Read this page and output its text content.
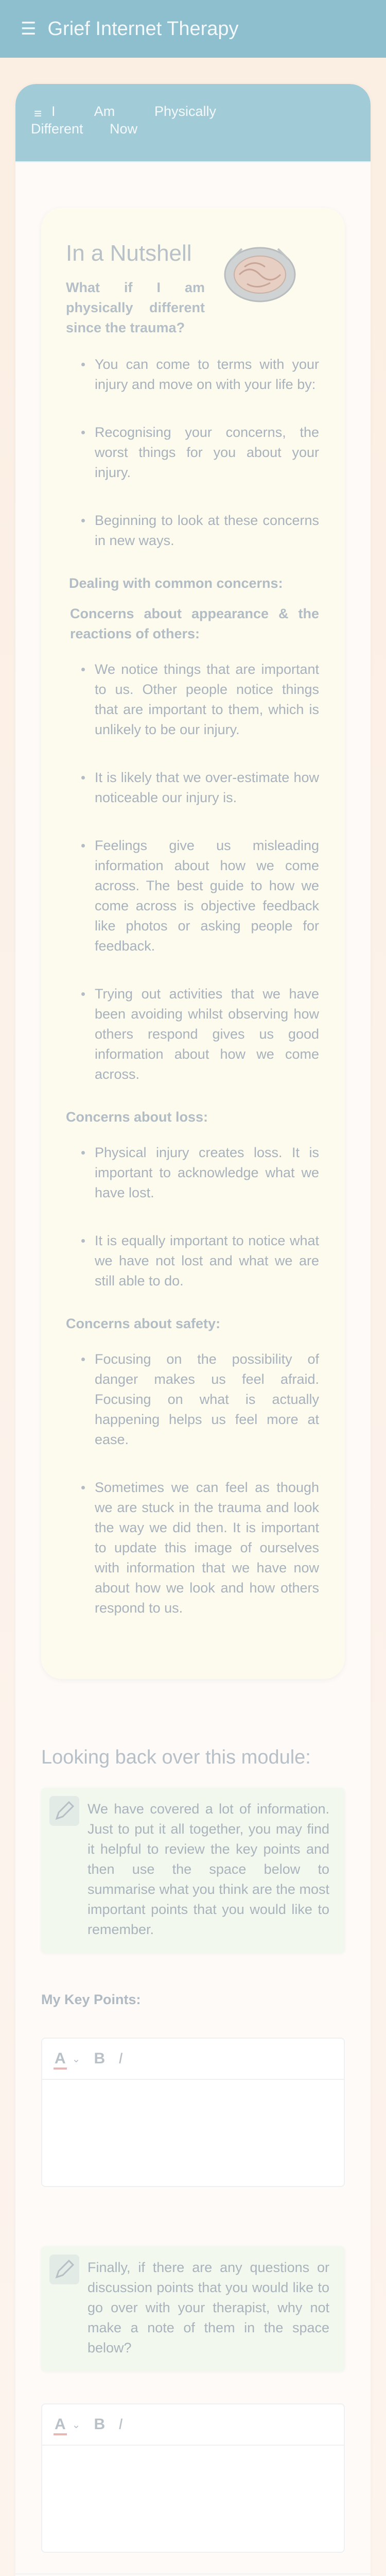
☰ Grief Internet Therapy
≡ I Am Physically Different Now
In a Nutshell
What if I am physically different since the trauma?
You can come to terms with your injury and move on with your life by:
Recognising your concerns, the worst things for you about your injury.
Beginning to look at these concerns in new ways.
Dealing with common concerns:
Concerns about appearance & the reactions of others:
We notice things that are important to us. Other people notice things that are important to them, which is unlikely to be our injury.
It is likely that we over-estimate how noticeable our injury is.
Feelings give us misleading information about how we come across. The best guide to how we come across is objective feedback like photos or asking people for feedback.
Trying out activities that we have been avoiding whilst observing how others respond gives us good information about how we come across.
Concerns about loss:
Physical injury creates loss. It is important to acknowledge what we have lost.
It is equally important to notice what we have not lost and what we are still able to do.
Concerns about safety:
Focusing on the possibility of danger makes us feel afraid. Focusing on what is actually happening helps us feel more at ease.
Sometimes we can feel as though we are stuck in the trauma and look the way we did then. It is important to update this image of ourselves with information that we have now about how we look and how others respond to us.
Looking back over this module:
We have covered a lot of information. Just to put it all together, you may find it helpful to review the key points and then use the space below to summarise what you think are the most important points that you would like to remember.
My Key Points:
A ⌄ B I
Finally, if there are any questions or discussion points that you would like to go over with your therapist, why not make a note of them in the space below?
A ⌄ B I
